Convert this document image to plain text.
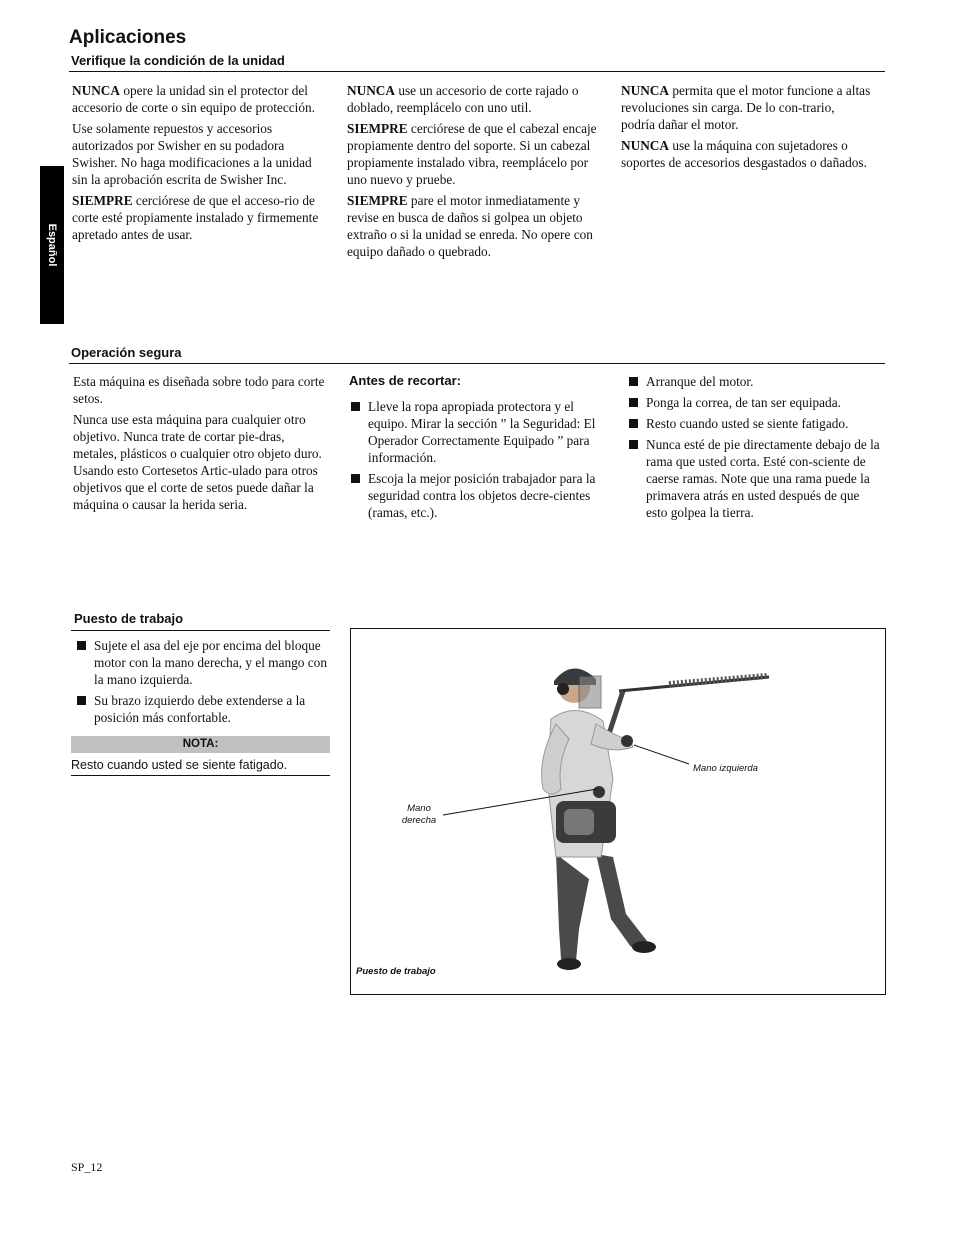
Aplicaciones
Verifique la condición de la unidad
Español

NUNCA opere la unidad sin el protector del accesorio de corte o sin equipo de protección.

Use solamente repuestos y accesorios autorizados por Swisher en su podadora Swisher. No haga modificaciones a la unidad sin la aprobación escrita de Swisher Inc.

SIEMPRE cerciórese de que el acceso-rio de corte esté propiamente instalado y firmemente apretado antes de usar.

NUNCA use un accesorio de corte rajado o doblado, reemplácelo con uno util.

SIEMPRE cerciórese de que el cabezal encaje propiamente dentro del soporte. Si un cabezal propiamente instalado vibra, reemplácelo por uno nuevo y pruebe.

SIEMPRE pare el motor inmediatamente y revise en busca de daños si golpea un objeto extraño o si la unidad se enreda. No opere con equipo dañado o quebrado.

NUNCA permita que el motor funcione a altas revoluciones sin carga. De lo con-trario, podría dañar el motor.

NUNCA use la máquina con sujetadores o soportes de accesorios desgastados o dañados.

Operación segura

Esta máquina es diseñada sobre todo para corte setos.

Nunca use esta máquina para cualquier otro objetivo. Nunca trate de cortar pie-dras, metales, plásticos o cualquier otro objeto duro. Usando esto Cortesetos Artic-ulado para otros objetivos que el corte de setos puede dañar la máquina o causar la herida seria.

Antes de recortar:
Lleve la ropa apropiada protectora y el equipo. Mirar la sección ” la Seguridad: El Operador Correctamente Equipado ” para información.
Escoja la mejor posición trabajador para la seguridad contra los objetos decre-cientes (ramas, etc.).
Arranque del motor.
Ponga la correa, de tan ser equipada.
Resto cuando usted se siente fatigado.
Nunca esté de pie directamente debajo de la rama que usted corta. Esté con-sciente de caerse ramas. Note que una rama puede la primavera atrás en usted después de que esto golpea la tierra.
Puesto de trabajo
Sujete el asa del eje por encima del bloque motor con la mano derecha, y el mango con la mano izquierda.
Su brazo izquierdo debe extenderse a la posición más confortable.
NOTA:
Resto cuando usted se siente fatigado.	Mano izquierda
Mano
derecha
Puesto de trabajo
SP_12
